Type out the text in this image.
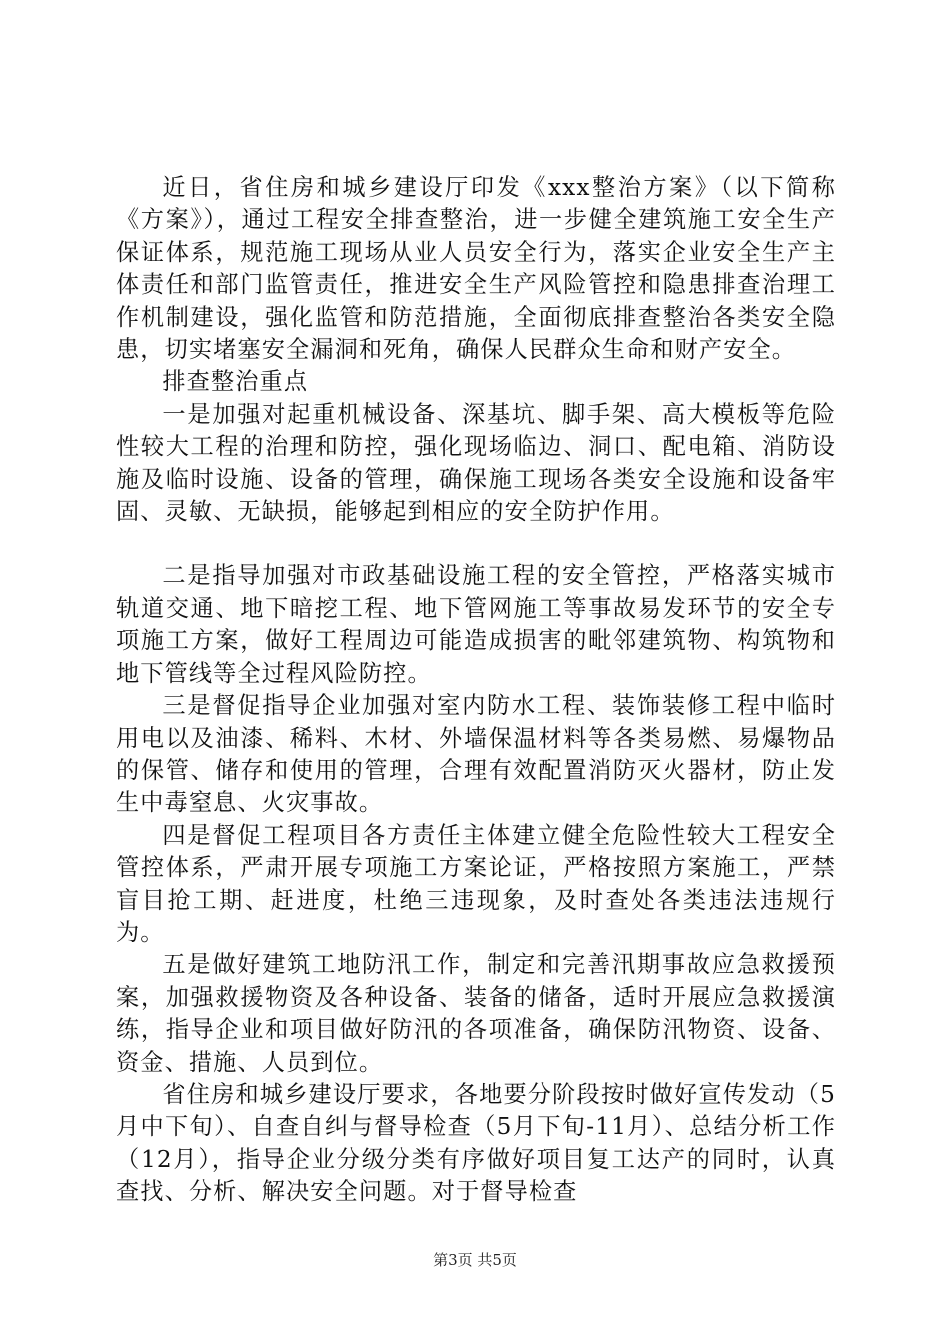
近日，省住房和城乡建设厅印发《xxx整治方案》（以下简称《方案》），通过工程安全排查整治，进一步健全建筑施工安全生产保证体系，规范施工现场从业人员安全行为，落实企业安全生产主体责任和部门监管责任，推进安全生产风险管控和隐患排查治理工作机制建设，强化监管和防范措施，全面彻底排查整治各类安全隐患，切实堵塞安全漏洞和死角，确保人民群众生命和财产安全。

排查整治重点

一是加强对起重机械设备、深基坑、脚手架、高大模板等危险性较大工程的治理和防控，强化现场临边、洞口、配电箱、消防设施及临时设施、设备的管理，确保施工现场各类安全设施和设备牢固、灵敏、无缺损，能够起到相应的安全防护作用。

二是指导加强对市政基础设施工程的安全管控，严格落实城市轨道交通、地下暗挖工程、地下管网施工等事故易发环节的安全专项施工方案，做好工程周边可能造成损害的毗邻建筑物、构筑物和地下管线等全过程风险防控。

三是督促指导企业加强对室内防水工程、装饰装修工程中临时用电以及油漆、稀料、木材、外墙保温材料等各类易燃、易爆物品的保管、储存和使用的管理，合理有效配置消防灭火器材，防止发生中毒窒息、火灾事故。

四是督促工程项目各方责任主体建立健全危险性较大工程安全管控体系，严肃开展专项施工方案论证，严格按照方案施工，严禁盲目抢工期、赶进度，杜绝三违现象，及时查处各类违法违规行为。

五是做好建筑工地防汛工作，制定和完善汛期事故应急救援预案，加强救援物资及各种设备、装备的储备，适时开展应急救援演练，指导企业和项目做好防汛的各项准备，确保防汛物资、设备、资金、措施、人员到位。

省住房和城乡建设厅要求，各地要分阶段按时做好宣传发动（5月中下旬）、自查自纠与督导检查（5月下旬-11月）、总结分析工作（12月），指导企业分级分类有序做好项目复工达产的同时，认真查找、分析、解决安全问题。对于督导检查

第3页 共5页
